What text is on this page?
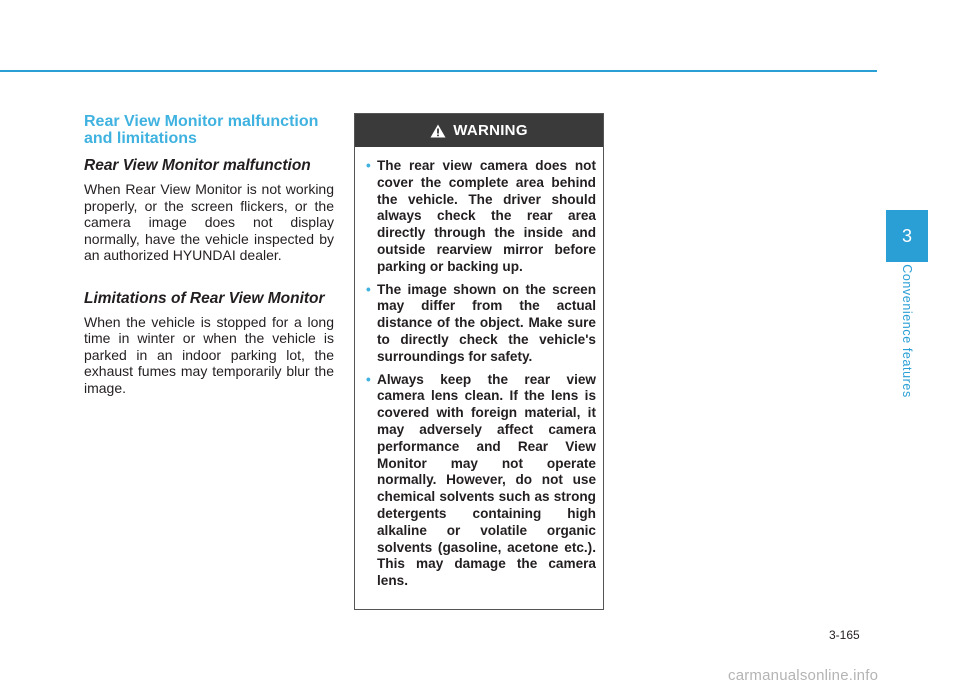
Rear View Monitor malfunction and limitations
Rear View Monitor malfunction

When Rear View Monitor is not working properly, or the screen flickers, or the camera image does not display normally, have the vehicle inspected by an authorized HYUNDAI dealer.

Limitations of Rear View Monitor

When the vehicle is stopped for a long time in winter or when the vehicle is parked in an indoor parking lot, the exhaust fumes may temporarily blur the image.

WARNING
• The rear view camera does not cover the complete area behind the vehicle. The driver should always check the rear area directly through the inside and outside rearview mirror before parking or backing up.
• The image shown on the screen may differ from the actual distance of the object. Make sure to directly check the vehicle's surroundings for safety.
• Always keep the rear view camera lens clean. If the lens is covered with foreign material, it may adversely affect camera performance and Rear View Monitor may not operate normally. However, do not use chemical solvents such as strong detergents containing high alkaline or volatile organic solvents (gasoline, acetone etc.). This may damage the camera lens.
3
Convenience features
3-165
carmanualsonline.info
